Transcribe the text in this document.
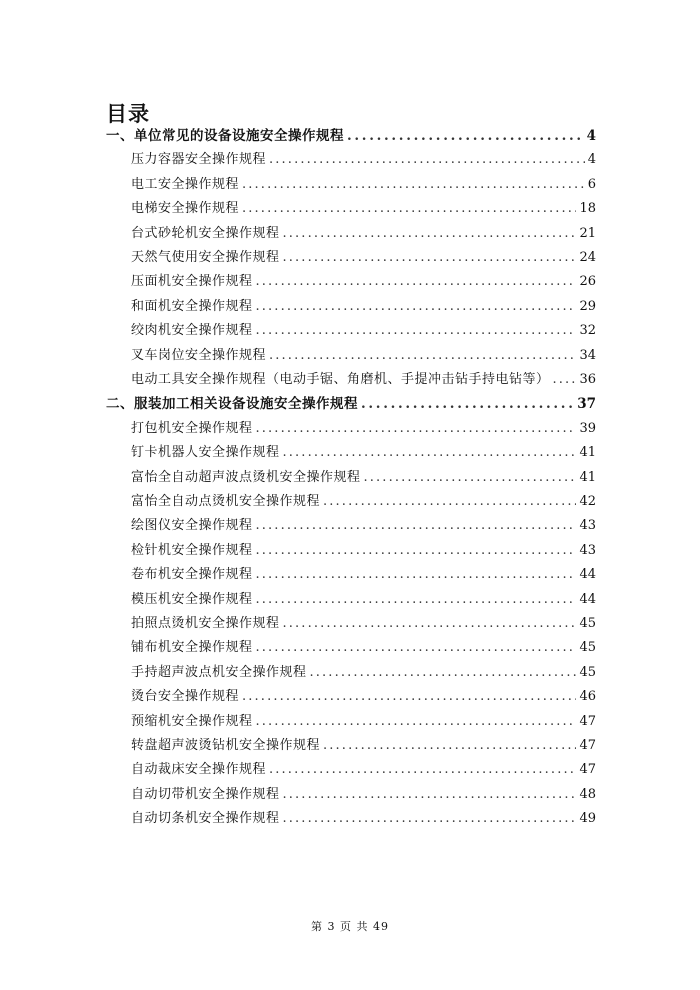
目录
一、单位常见的设备设施安全操作规程 . . .	4
压力容器安全操作规程 . . .	4
电工安全操作规程 . . .	6
电梯安全操作规程 . . .	18
台式砂轮机安全操作规程 . . .	21
天然气使用安全操作规程 . . .	24
压面机安全操作规程 . . .	26
和面机安全操作规程 . . .	29
绞肉机安全操作规程 . . .	32
叉车岗位安全操作规程 . . .	34
电动工具安全操作规程（电动手锯、角磨机、手提冲击钻手持电钻等） . . . 36
二、服装加工相关设备设施安全操作规程 . . .	37
打包机安全操作规程 . . .	39
钉卡机器人安全操作规程 . . .	41
富怡全自动超声波点烫机安全操作规程 . . .	41
富怡全自动点烫机安全操作规程 . . .	42
绘图仪安全操作规程 . . .	43
检针机安全操作规程 . . .	43
卷布机安全操作规程 . . .	44
模压机安全操作规程 . . .	44
拍照点烫机安全操作规程 . . .	45
铺布机安全操作规程 . . .	45
手持超声波点机安全操作规程 . . .	45
烫台安全操作规程 . . .	46
预缩机安全操作规程 . . .	47
转盘超声波烫钻机安全操作规程 . . .	47
自动裁床安全操作规程 . . .	47
自动切带机安全操作规程 . . .	48
自动切条机安全操作规程 . . .	49
第 3 页 共 49
